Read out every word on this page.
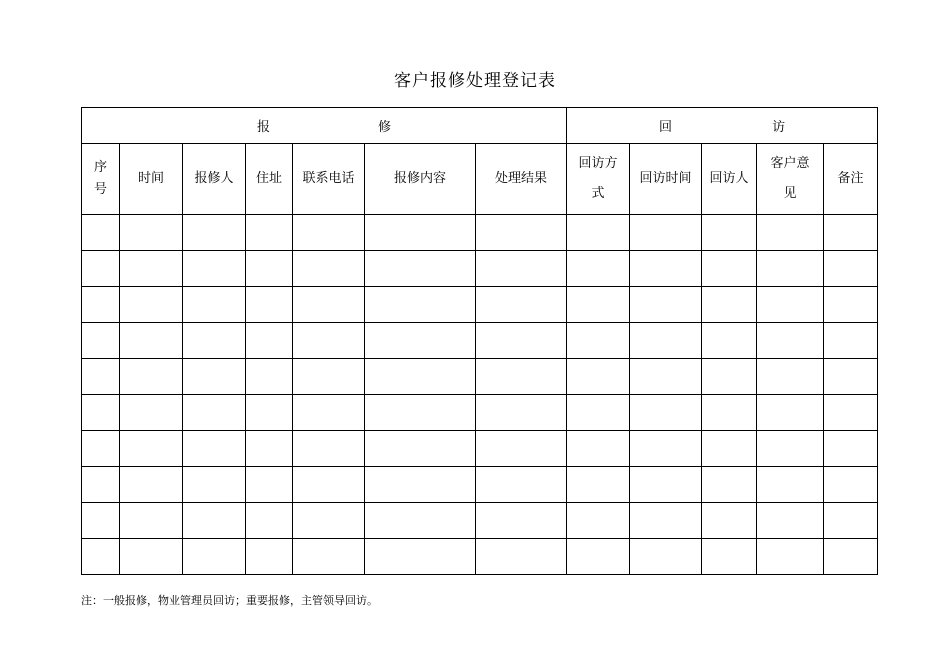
客户报修处理登记表
报 修							回 访				

序号	时间	报修人	住址	联系电话	报修内容	处理结果	回访方式	回访时间	回访人	客户意见	备注

注：一般报修，物业管理员回访；重要报修，主管领导回访。
